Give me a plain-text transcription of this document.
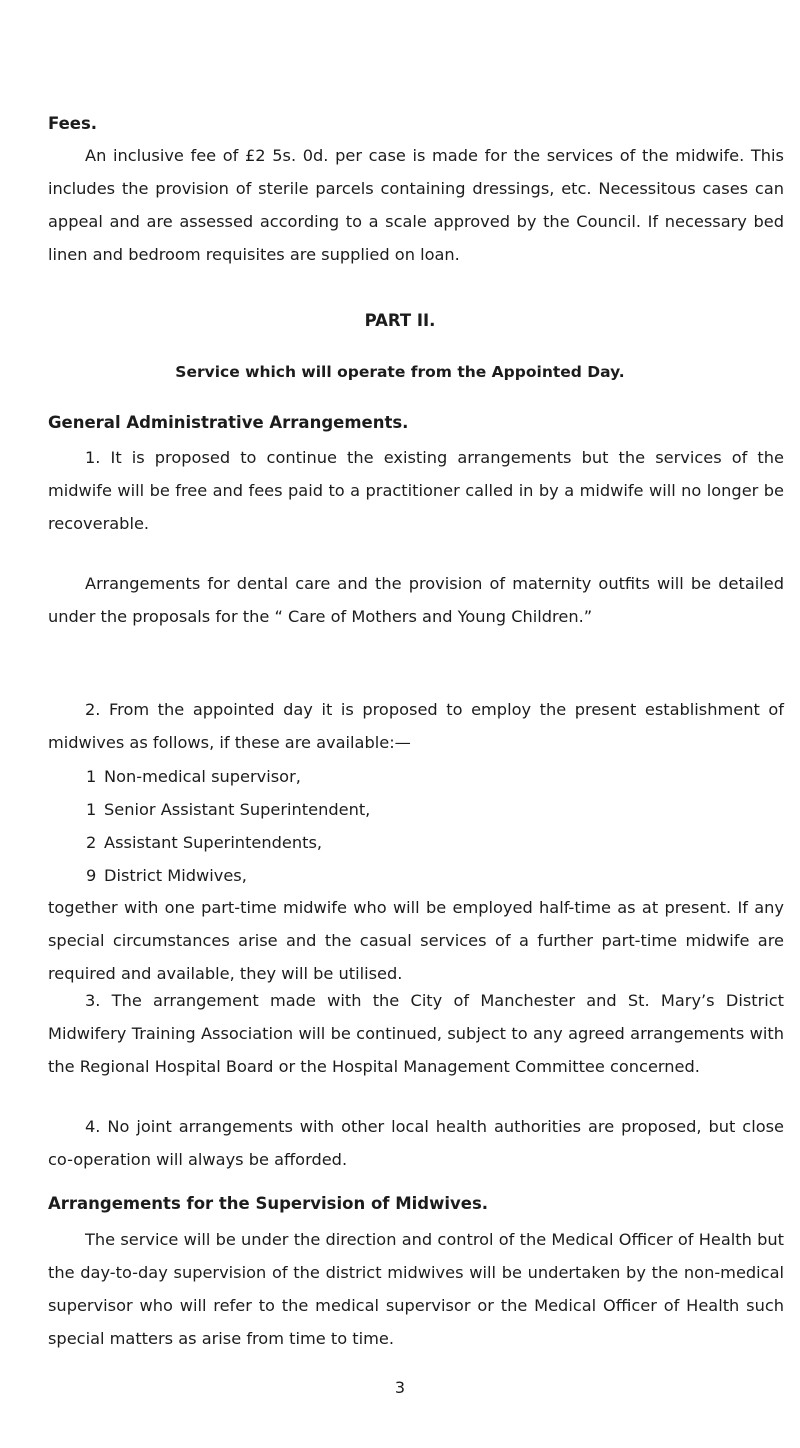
Fees.

An inclusive fee of £2 5s. 0d. per case is made for the services of the midwife. This includes the provision of sterile parcels containing dressings, etc. Necessitous cases can appeal and are assessed according to a scale approved by the Council. If necessary bed linen and bedroom requisites are supplied on loan.

PART II.
Service which will operate from the Appointed Day.
General Administrative Arrangements.

1. It is proposed to continue the existing arrangements but the services of the midwife will be free and fees paid to a practitioner called in by a midwife will no longer be recoverable.

Arrangements for dental care and the provision of maternity outfits will be detailed under the proposals for the “ Care of Mothers and Young Children.”

2. From the appointed day it is proposed to employ the present establishment of midwives as follows, if these are available:—

1 Non-medical supervisor,
1 Senior Assistant Superintendent,
2 Assistant Superintendents,
9 District Midwives,

together with one part-time midwife who will be employed half-time as at present. If any special circumstances arise and the casual services of a further part-time midwife are required and available, they will be utilised.

3. The arrangement made with the City of Manchester and St. Mary’s District Midwifery Training Association will be continued, subject to any agreed arrangements with the Regional Hospital Board or the Hospital Management Committee concerned.

4. No joint arrangements with other local health authorities are proposed, but close co-operation will always be afforded.

Arrangements for the Supervision of Midwives.

The service will be under the direction and control of the Medical Officer of Health but the day-to-day supervision of the district midwives will be undertaken by the non-medical supervisor who will refer to the medical supervisor or the Medical Officer of Health such special matters as arise from time to time.

3
